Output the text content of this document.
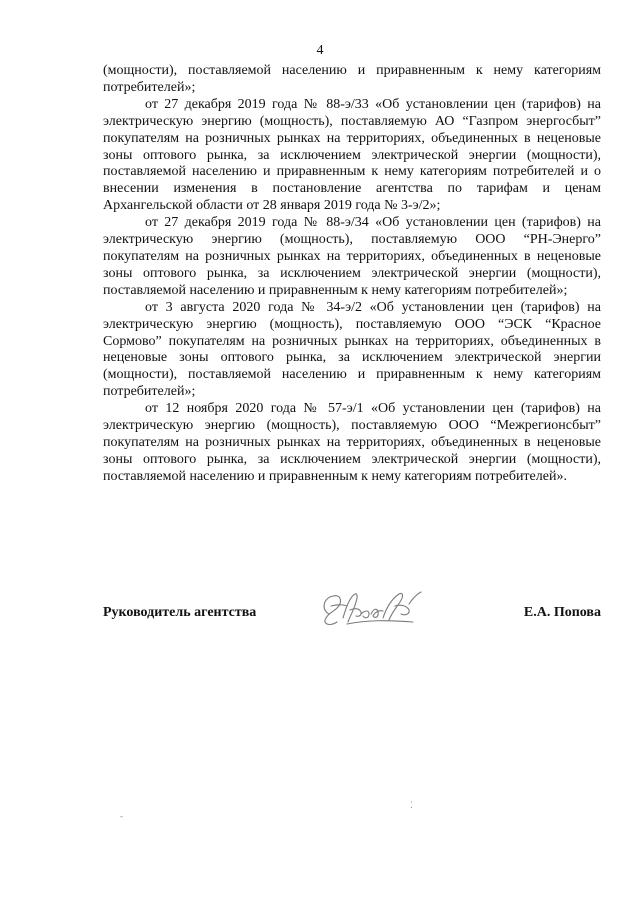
4

(мощности), поставляемой населению и приравненным к нему категориям потребителей»;

от 27 декабря 2019 года № 88-э/33 «Об установлении цен (тарифов) на электрическую энергию (мощность), поставляемую АО “Газпром энергосбыт” покупателям на розничных рынках на территориях, объединенных в неценовые зоны оптового рынка, за исключением электрической энергии (мощности), поставляемой населению и приравненным к нему категориям потребителей и о внесении изменения в постановление агентства по тарифам и ценам Архангельской области от 28 января 2019 года № 3-э/2»;

от 27 декабря 2019 года № 88-э/34 «Об установлении цен (тарифов) на электрическую энергию (мощность), поставляемую ООО “РН-Энерго” покупателям на розничных рынках на территориях, объединенных в неценовые зоны оптового рынка, за исключением электрической энергии (мощности), поставляемой населению и приравненным к нему категориям потребителей»;

от 3 августа 2020 года № 34-э/2 «Об установлении цен (тарифов) на электрическую энергию (мощность), поставляемую ООО “ЭСК “Красное Сормово” покупателям на розничных рынках на территориях, объединенных в неценовые зоны оптового рынка, за исключением электрической энергии (мощности), поставляемой населению и приравненным к нему категориям потребителей»;

от 12 ноября 2020 года № 57-э/1 «Об установлении цен (тарифов) на электрическую энергию (мощность), поставляемую ООО “Межрегионсбыт” покупателям на розничных рынках на территориях, объединенных в неценовые зоны оптового рынка, за исключением электрической энергии (мощности), поставляемой населению и приравненным к нему категориям потребителей».

Руководитель агентства	Е.А. Попова
⁚
-
